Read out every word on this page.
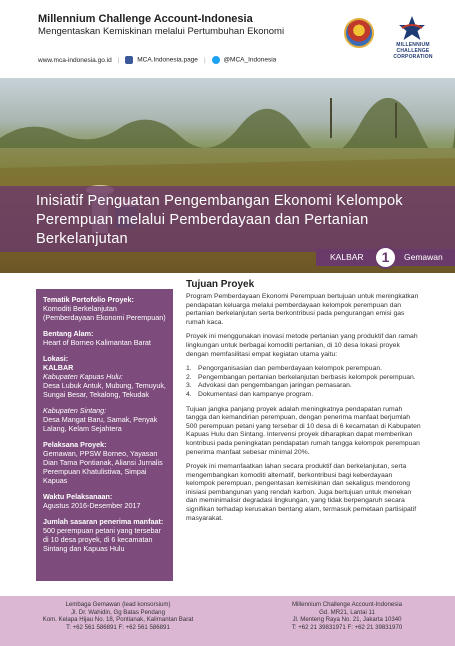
Millennium Challenge Account-Indonesia
Mengentaskan Kemiskinan melalui Pertumbuhan Ekonomi
www.mca-indonesia.go.id |	MCA.Indonesia.page |	@MCA_Indonesia
MILLENNIUM CHALLENGE CORPORATION
Inisiatif Penguatan Pengembangan Ekonomi Kelompok Perempuan melalui Pemberdayaan dan Pertanian Berkelanjutan
KALBAR	1	Gemawan
Tematik Portofolio Proyek:
Komoditi Berkelanjutan (Pemberdayaan Ekonomi Perempuan)
Bentang Alam:
Heart of Borneo Kalimantan Barat
Lokasi:
KALBAR
Kabupaten Kapuas Hulu:
Desa Lubuk Antuk, Mubung, Temuyuk, Sungai Besar, Tekalong, Tekudak
Kabupaten Sintang:
Desa Mangat Baru, Samak, Penyak Lalang, Kelam Sejahtera
Pelaksana Proyek:
Gemawan, PPSW Borneo, Yayasan Dian Tama Pontianak, Aliansi Jurnalis Perempuan Khatulistiwa, Simpai Kapuas
Waktu Pelaksanaan:
Agustus 2016-Desember 2017
Jumlah sasaran penerima manfaat:
500 perempuan petani yang tersebar di 10 desa proyek, di 6 kecamatan Sintang dan Kapuas Hulu
Tujuan Proyek

Program Pemberdayaan Ekonomi Perempuan bertujuan untuk meningkatkan pendapatan keluarga melalui pemberdayaan kelompok perempuan dan pertanian berkelanjutan serta berkontribusi pada pengurangan emisi gas rumah kaca.

Proyek ini menggunakan inovasi metode pertanian yang produktif dan ramah lingkungan untuk berbagai komoditi pertanian, di 10 desa lokasi proyek dengan memfasilitasi empat kegiatan utama yaitu:

1. Pengorganisasian dan pemberdayaan kelompok perempuan.
2. Pengembangan pertanian berkelanjutan berbasis kelompok perempuan.
3. Advokasi dan pengembangan jaringan pemasaran.
4. Dokumentasi dan kampanye program.

Tujuan jangka panjang proyek adalah meningkatnya pendapatan rumah tangga dan kemandirian perempuan, dengan penerima manfaat berjumlah 500 perempuan petani yang tersebar di 10 desa di 6 kecamatan di Kabupaten Kapuas Hulu dan Sintang. Intervensi proyek diharapkan dapat memberikan kontribusi pada peningkatan pendapatan rumah tangga kelompok perempuan penerima manfaat sebesar minimal 20%.

Proyek ini memanfaatkan lahan secara produktif dan berkelanjutan, serta mengembangkan komoditi alternatif, berkontribusi bagi keberdayaan kelompok perempuan, pengentasan kemiskinan dan sekaligus mendorong inisiasi pembangunan yang rendah karbon. Juga bertujuan untuk menekan dan meminimalisir degradasi lingkungan, yang tidak berpengaruh secara signifikan terhadap kerusakan bentang alam, termasuk pemetaan partisipatif masyarakat.

Lembaga Gemawan (lead konsorsium)
Jl. Dr. Wahidin, Gg Batas Pendang
Kom. Kelapa Hijau No. 18, Pontianak, Kalimantan Barat
T: +62 561 586891 F: +62 561 586891
Millennium Challenge Account-Indonesia
Gd. MR21, Lantai 11
Jl. Menteng Raya No. 21, Jakarta 10340
T: +62 21 39831971 F: +62 21 39831970
